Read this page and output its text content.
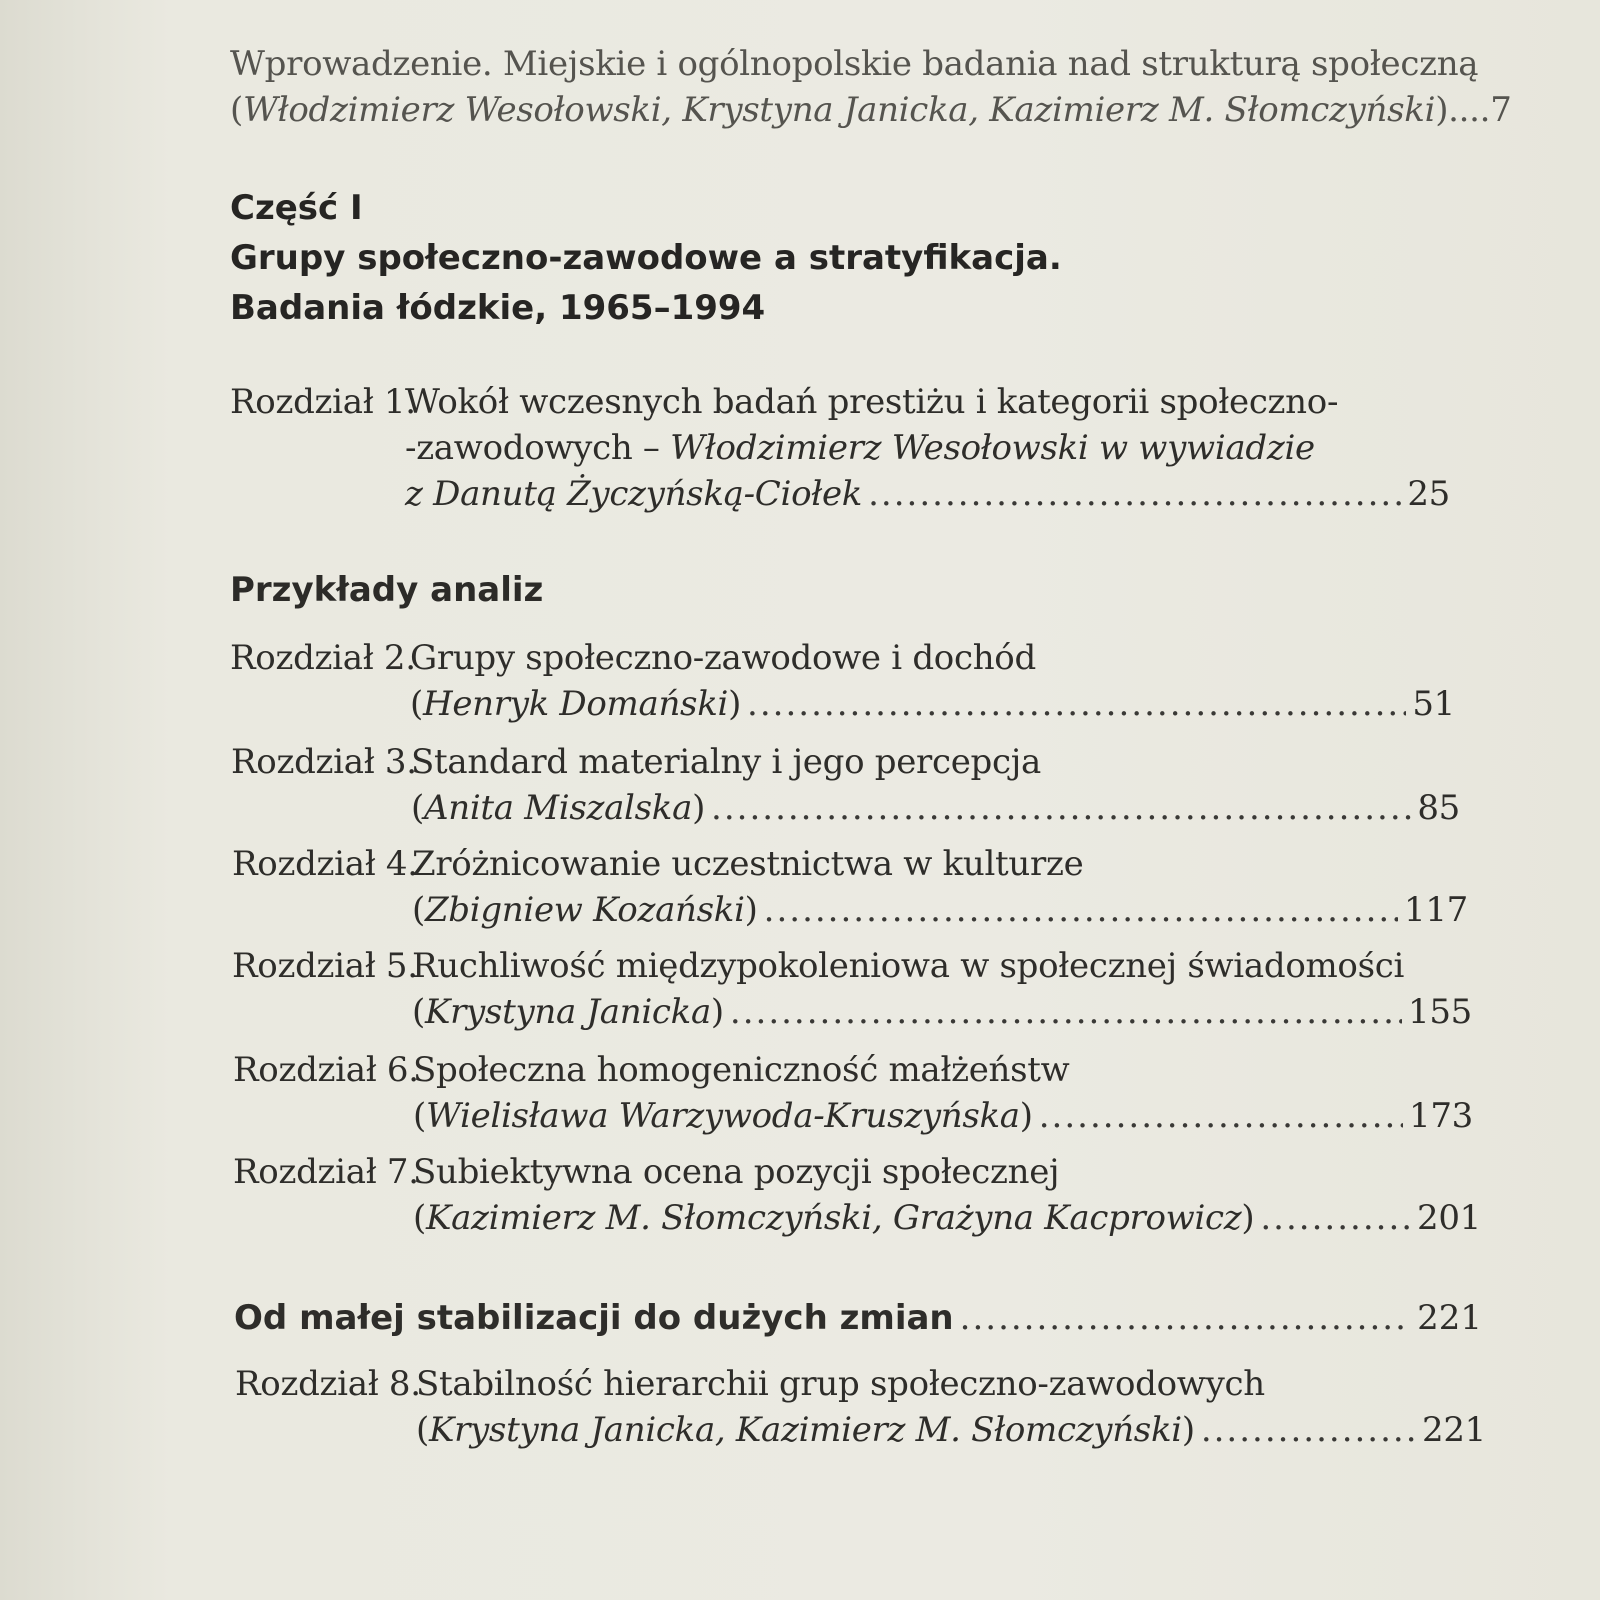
Wprowadzenie. Miejskie i ogólnopolskie badania nad strukturą społeczną
( Włodzimierz Wesołowski, Krystyna Janicka, Kazimierz M. Słomczyński ).... 7
Część I
Grupy społeczno-zawodowe a stratyfikacja.
Badania łódzkie, 1965–1994
Rozdział 1.
Wokół wczesnych badań prestiżu i kategorii społeczno-
-zawodowych – Włodzimierz Wesołowski w wywiadzie
z Danutą Życzyńską-Ciołek .....	25
Przykłady analiz
Rozdział 2.
Grupy społeczno-zawodowe i dochód
( Henryk Domański ) .....	51
Rozdział 3.
Standard materialny i jego percepcja
( Anita Miszalska ) .....	85
Rozdział 4.
Zróżnicowanie uczestnictwa w kulturze
( Zbigniew Kozański ) .....	117
Rozdział 5.
Ruchliwość międzypokoleniowa w społecznej świadomości
( Krystyna Janicka ) .....	155
Rozdział 6.
Społeczna homogeniczność małżeństw
( Wielisława Warzywoda-Kruszyńska ) .....	173
Rozdział 7.
Subiektywna ocena pozycji społecznej
( Kazimierz M. Słomczyński, Grażyna Kacprowicz ) .....	201
Od małej stabilizacji do dużych zmian .....	221
Rozdział 8.
Stabilność hierarchii grup społeczno-zawodowych
( Krystyna Janicka, Kazimierz M. Słomczyński ) .....	221
